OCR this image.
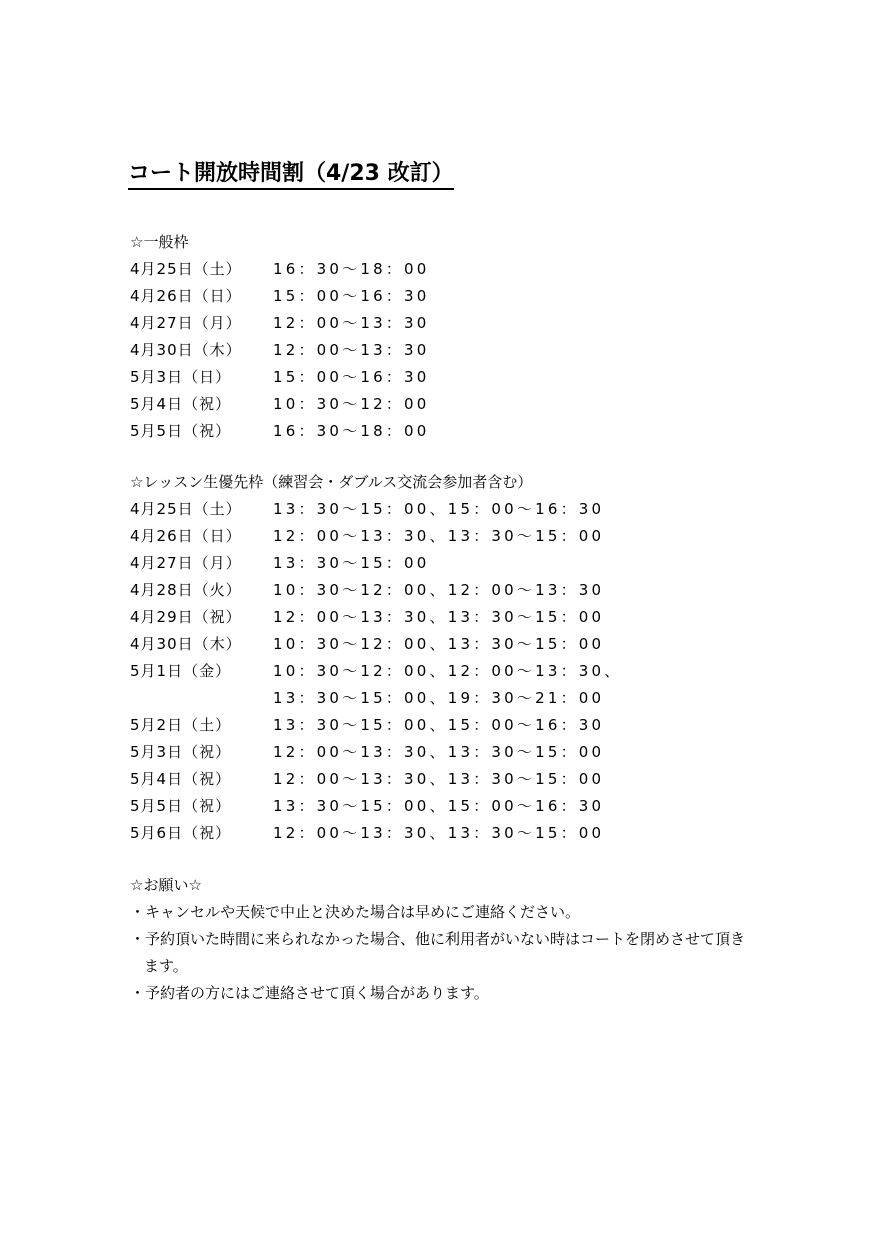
コート開放時間割（4/23 改訂）
☆一般枠
4月25日（土） 16：30〜18：00
4月26日（日） 15：00〜16：30
4月27日（月） 12：00〜13：30
4月30日（木） 12：00〜13：30
5月3日（日）	15：00〜16：30
5月4日（祝）	10：30〜12：00
5月5日（祝）	16：30〜18：00
☆レッスン生優先枠（練習会・ダブルス交流会参加者含む）
4月25日（土） 13：30〜15：00、15：00〜16：30
4月26日（日） 12：00〜13：30、13：30〜15：00
4月27日（月） 13：30〜15：00
4月28日（火） 10：30〜12：00、12：00〜13：30
4月29日（祝） 12：00〜13：30、13：30〜15：00
4月30日（木） 10：30〜12：00、13：30〜15：00
5月1日（金）	10：30〜12：00、12：00〜13：30、
13：30〜15：00、19：30〜21：00
5月2日（土）	13：30〜15：00、15：00〜16：30
5月3日（祝）	12：00〜13：30、13：30〜15：00
5月4日（祝）	12：00〜13：30、13：30〜15：00
5月5日（祝）	13：30〜15：00、15：00〜16：30
5月6日（祝）	12：00〜13：30、13：30〜15：00
☆お願い☆
・キャンセルや天候で中止と決めた場合は早めにご連絡ください。
・予約頂いた時間に来られなかった場合、他に利用者がいない時はコートを閉めさせて頂き
ます。
・予約者の方にはご連絡させて頂く場合があります。
